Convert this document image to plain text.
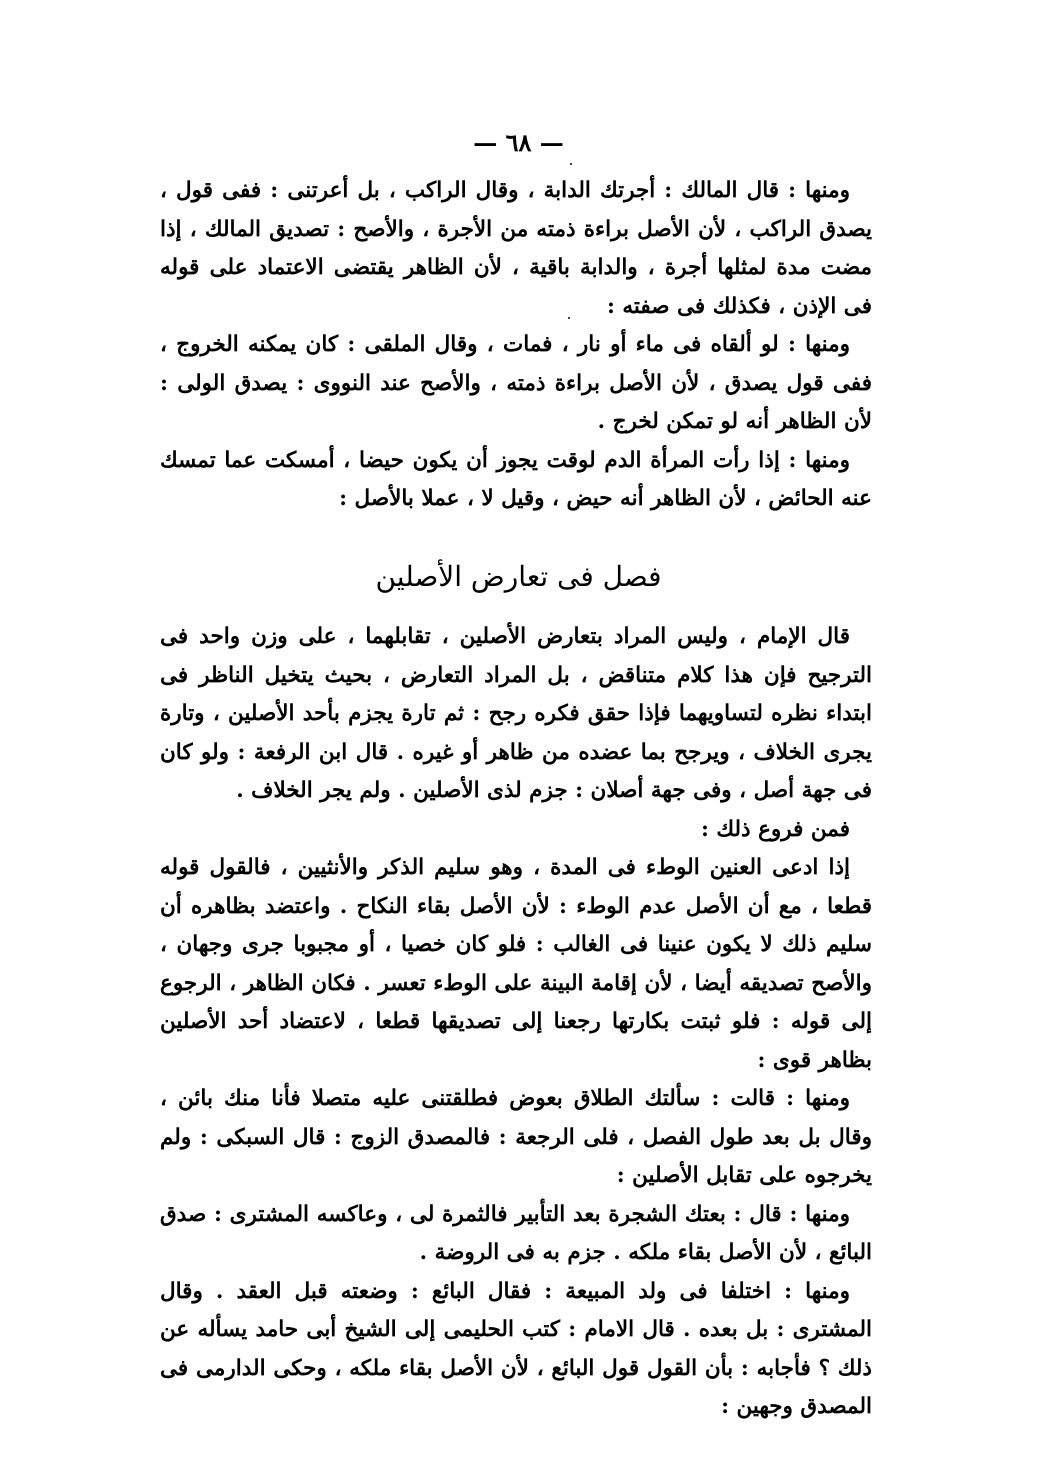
— ٦٨ —

ومنها : قال المالك : أجرتك الدابة ، وقال الراكب ، بل أعرتنى : ففى قول ، يصدق الراكب ، لأن الأصل براءة ذمته من الأجرة ، والأصح : تصديق المالك ، إذا مضت مدة لمثلها أجرة ، والدابة باقية ، لأن الظاهر يقتضى الاعتماد على قوله فى الإذن ، فكذلك فى صفته :

ومنها : لو ألقاه فى ماء أو نار ، فمات ، وقال الملقى : كان يمكنه الخروج ، ففى قول يصدق ، لأن الأصل براءة ذمته ، والأصح عند النووى : يصدق الولى : لأن الظاهر أنه لو تمكن لخرج .

ومنها : إذا رأت المرأة الدم لوقت يجوز أن يكون حيضا ، أمسكت عما تمسك عنه الحائض ، لأن الظاهر أنه حيض ، وقيل لا ، عملا بالأصل :

فصل فى تعارض الأصلين

قال الإمام ، وليس المراد بتعارض الأصلين ، تقابلهما ، على وزن واحد فى الترجيح فإن هذا كلام متناقض ، بل المراد التعارض ، بحيث يتخيل الناظر فى ابتداء نظره لتساويهما فإذا حقق فكره رجح : ثم تارة يجزم بأحد الأصلين ، وتارة يجرى الخلاف ، ويرجح بما عضده من ظاهر أو غيره . قال ابن الرفعة : ولو كان فى جهة أصل ، وفى جهة أصلان : جزم لذى الأصلين . ولم يجر الخلاف .

فمن فروع ذلك :

إذا ادعى العنين الوطء فى المدة ، وهو سليم الذكر والأنثيين ، فالقول قوله قطعا ، مع أن الأصل عدم الوطء : لأن الأصل بقاء النكاح . واعتضد بظاهره أن سليم ذلك لا يكون عنينا فى الغالب : فلو كان خصيا ، أو مجبوبا جرى وجهان ، والأصح تصديقه أيضا ، لأن إقامة البينة على الوطء تعسر . فكان الظاهر ، الرجوع إلى قوله : فلو ثبتت بكارتها رجعنا إلى تصديقها قطعا ، لاعتضاد أحد الأصلين بظاهر قوى :

ومنها : قالت : سألتك الطلاق بعوض فطلقتنى عليه متصلا فأنا منك بائن ، وقال بل بعد طول الفصل ، فلى الرجعة : فالمصدق الزوج : قال السبكى : ولم يخرجوه على تقابل الأصلين :

ومنها : قال : بعتك الشجرة بعد التأبير فالثمرة لى ، وعاكسه المشترى : صدق البائع ، لأن الأصل بقاء ملكه . جزم به فى الروضة .

ومنها : اختلفا فى ولد المبيعة : فقال البائع : وضعته قبل العقد . وقال المشترى : بل بعده . قال الامام : كتب الحليمى إلى الشيخ أبى حامد يسأله عن ذلك ؟ فأجابه : بأن القول قول البائع ، لأن الأصل بقاء ملكه ، وحكى الدارمى فى المصدق وجهين :
